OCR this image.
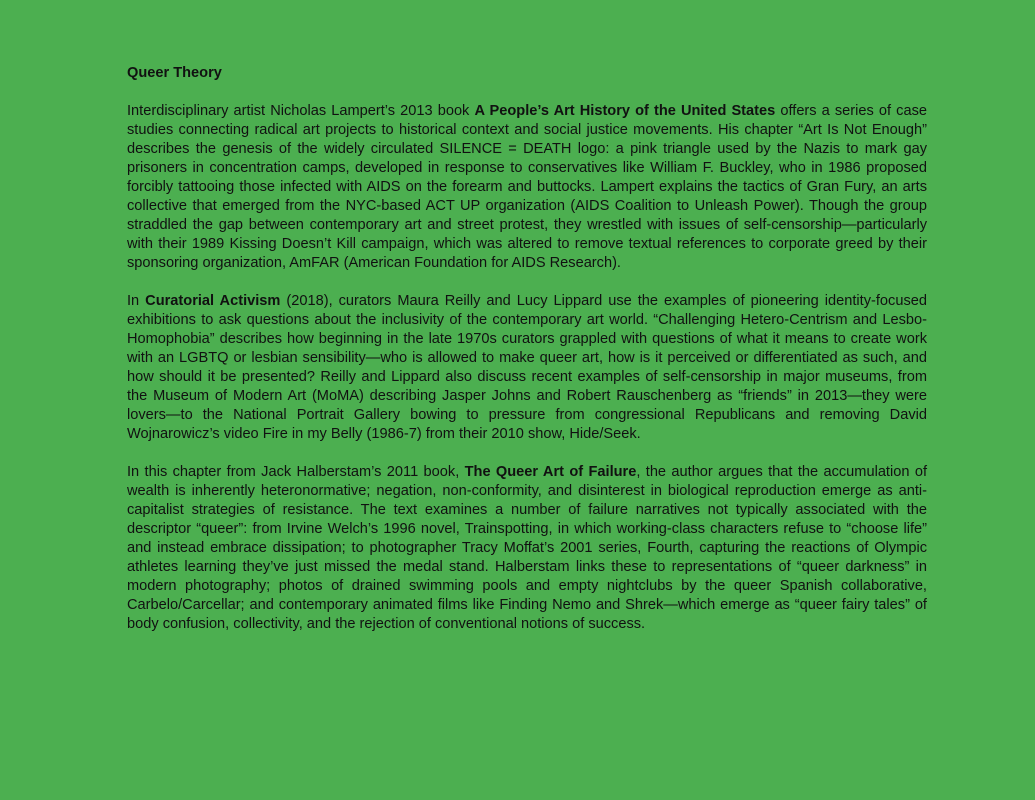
Queer Theory

Interdisciplinary artist Nicholas Lampert’s 2013 book A People’s Art History of the United States offers a series of case studies connecting radical art projects to historical context and social justice movements. His chapter “Art Is Not Enough” describes the genesis of the widely circulated SILENCE = DEATH logo: a pink triangle used by the Nazis to mark gay prisoners in concentration camps, developed in response to conservatives like William F. Buckley, who in 1986 proposed forcibly tattooing those infected with AIDS on the forearm and buttocks. Lampert explains the tactics of Gran Fury, an arts collective that emerged from the NYC-based ACT UP organization (AIDS Coalition to Unleash Power). Though the group straddled the gap between contemporary art and street protest, they wrestled with issues of self-censorship—particularly with their 1989 Kissing Doesn’t Kill campaign, which was altered to remove textual references to corporate greed by their sponsoring organization, AmFAR (American Foundation for AIDS Research).

In Curatorial Activism (2018), curators Maura Reilly and Lucy Lippard use the examples of pioneering identity-focused exhibitions to ask questions about the inclusivity of the contemporary art world. “Challenging Hetero-Centrism and Lesbo-Homophobia” describes how beginning in the late 1970s curators grappled with questions of what it means to create work with an LGBTQ or lesbian sensibility—who is allowed to make queer art, how is it perceived or differentiated as such, and how should it be presented? Reilly and Lippard also discuss recent examples of self-censorship in major museums, from the Museum of Modern Art (MoMA) describing Jasper Johns and Robert Rauschenberg as “friends” in 2013—they were lovers—to the National Portrait Gallery bowing to pressure from congressional Republicans and removing David Wojnarowicz’s video Fire in my Belly (1986-7) from their 2010 show, Hide/Seek.

In this chapter from Jack Halberstam’s 2011 book, The Queer Art of Failure, the author argues that the accumulation of wealth is inherently heteronormative; negation, non-conformity, and disinterest in biological reproduction emerge as anti-capitalist strategies of resistance. The text examines a number of failure narratives not typically associated with the descriptor “queer”: from Irvine Welch’s 1996 novel, Trainspotting, in which working-class characters refuse to “choose life” and instead embrace dissipation; to photographer Tracy Moffat’s 2001 series, Fourth, capturing the reactions of Olympic athletes learning they’ve just missed the medal stand. Halberstam links these to representations of “queer darkness” in modern photography; photos of drained swimming pools and empty nightclubs by the queer Spanish collaborative, Carbelo/Carcellar; and contemporary animated films like Finding Nemo and Shrek—which emerge as “queer fairy tales” of body confusion, collectivity, and the rejection of conventional notions of success.
